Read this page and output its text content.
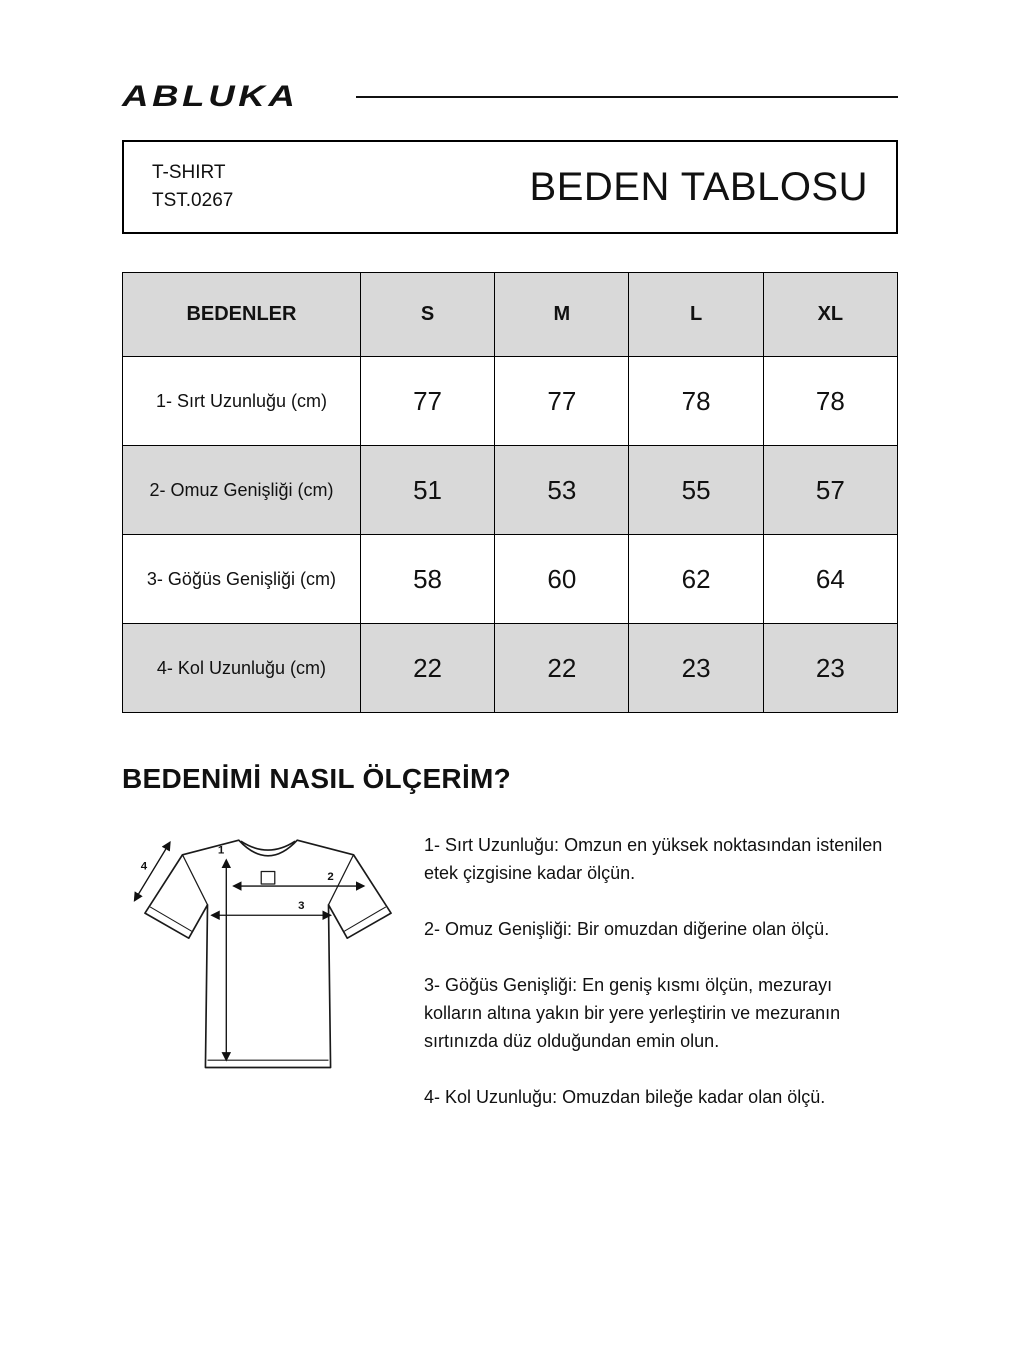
ABLUKA
T-SHIRT
TST.0267	BEDEN TABLOSU
BEDENLER	S	M	L	XL
1- Sırt Uzunluğu (cm)	77	77	78	78
2- Omuz Genişliği (cm)	51	53	55	57
3- Göğüs Genişliği (cm)	58	60	62	64
4- Kol Uzunluğu (cm)	22	22	23	23
BEDENİMİ NASIL ÖLÇERİM?
1
2
3
4

1- Sırt Uzunluğu: Omzun en yüksek noktasından istenilen etek çizgisine kadar ölçün.

2- Omuz Genişliği: Bir omuzdan diğerine olan ölçü.

3- Göğüs Genişliği: En geniş kısmı ölçün, mezurayı kolların altına yakın bir yere yerleştirin ve mezuranın sırtınızda düz olduğundan emin olun.

4- Kol Uzunluğu: Omuzdan bileğe kadar olan ölçü.
